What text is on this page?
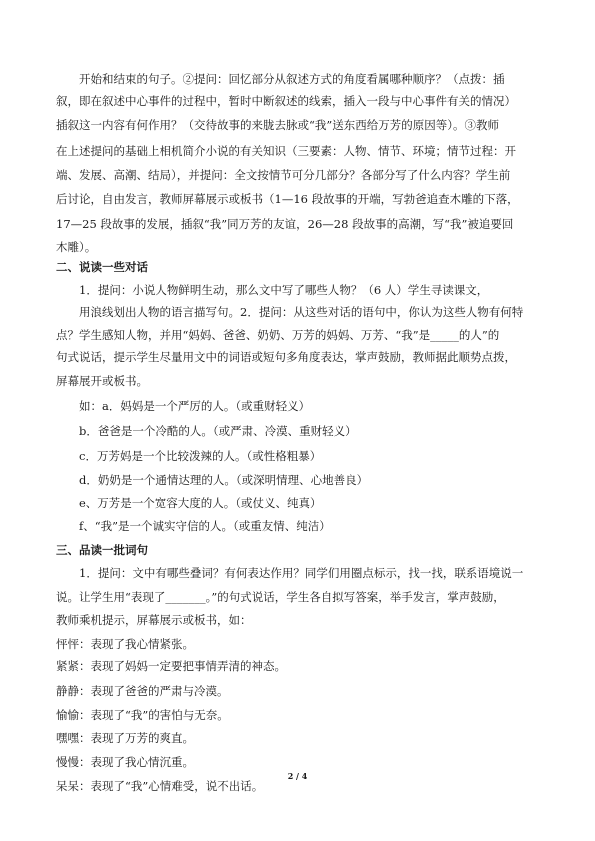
　　开始和结束的句子。②提问：回忆部分从叙述方式的角度看属哪种顺序？（点拨：插
叙，即在叙述中心事件的过程中，暂时中断叙述的线索，插入一段与中心事件有关的情况）
插叙这一内容有何作用？（交待故事的来胧去脉或“我”送东西给万芳的原因等）。③教师
在上述提问的基础上相机简介小说的有关知识（三要素：人物、情节、环境；情节过程：开
端、发展、高潮、结局），并提问：全文按情节可分几部分？各部分写了什么内容？学生前
后讨论，自由发言，教师屏幕展示或板书（1—16 段故事的开端，写勃爸追查木雕的下落，
17—25 段故事的发展，插叙“我”同万芳的友谊，26—28 段故事的高潮，写“我”被追要回
木雕）。
二、说读一些对话
　　1．提问：小说人物鲜明生动，那么文中写了哪些人物？（6 人）学生寻读课文，
　　用浪线划出人物的语言描写句。2．提问：从这些对话的语句中，你认为这些人物有何特
点？学生感知人物，并用“妈妈、爸爸、奶奶、万芳的妈妈、万芳、“我”是_____的人”的
句式说话，提示学生尽量用文中的词语或短句多角度表达，掌声鼓励，教师据此顺势点拨，
屏幕展开或板书。
　　如：a．妈妈是一个严厉的人。（或重财轻义）
　　b．爸爸是一个冷酷的人。（或严肃、冷漠、重财轻义）
　　c．万芳妈是一个比较泼辣的人。（或性格粗暴）
　　d．奶奶是一个通情达理的人。（或深明情理、心地善良）
　　e、万芳是一个宽容大度的人。（或仗义、纯真）
　　f、“我”是一个诚实守信的人。（或重友情、纯洁）
三、品读一批词句
　　1．提问：文中有哪些叠词？有何表达作用？同学们用圈点标示，找一找，联系语境说一
说。让学生用“表现了_______。”的句式说话，学生各自拟写答案，举手发言，掌声鼓励，
教师乘机提示，屏幕展示或板书，如：
怦怦：表现了我心情紧张。
紧紧：表现了妈妈一定要把事情弄清的神态。
静静：表现了爸爸的严肃与冷漠。
愉愉：表现了“我”的害怕与无奈。
嘿嘿：表现了万芳的爽直。
慢慢：表现了我心情沉重。
呆呆：表现了“我”心情难受，说不出话。
2 / 4
